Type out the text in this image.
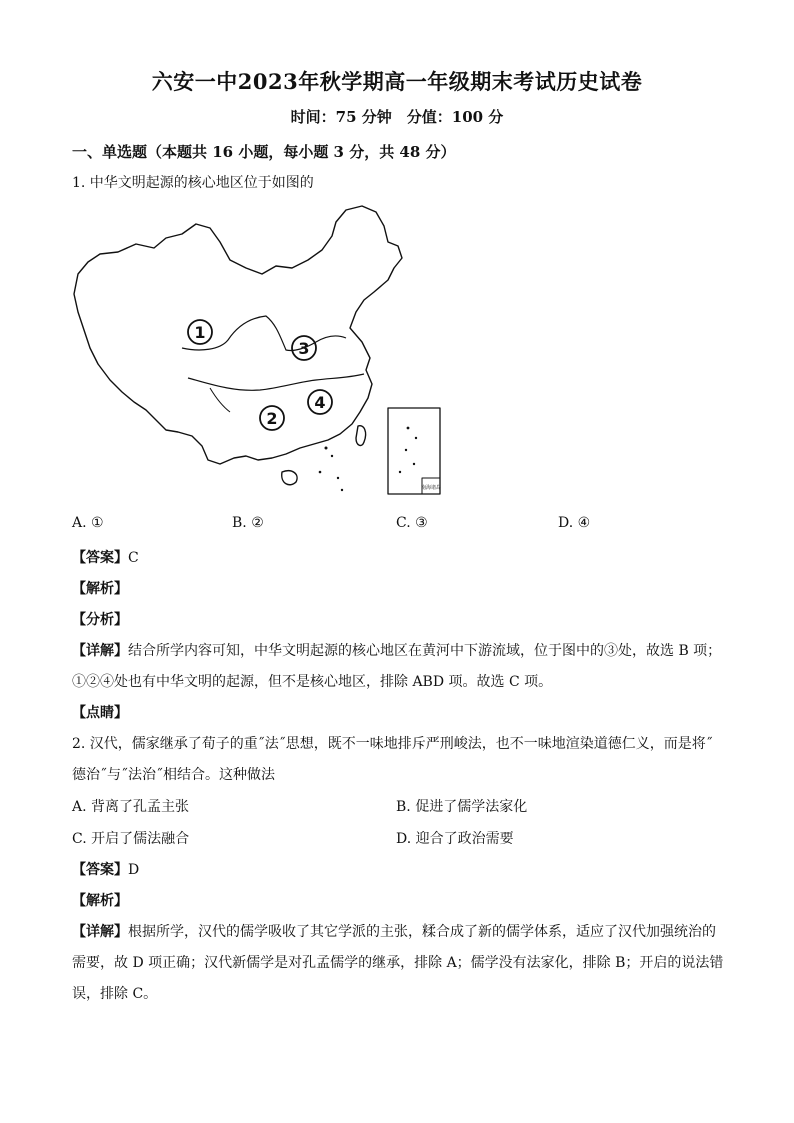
六安一中2023年秋学期高一年级期末考试历史试卷
时间：75 分钟　分值：100 分
一、单选题（本题共 16 小题，每小题 3 分，共 48 分）
1. 中华文明起源的核心地区位于如图的
1
2
3
4
南海诸岛
A. ①	B. ②	C. ③	D. ④
【答案】C
【解析】
【分析】
【详解】结合所学内容可知，中华文明起源的核心地区在黄河中下游流域，位于图中的③处，故选 B 项；
①②④处也有中华文明的起源，但不是核心地区，排除 ABD 项。故选 C 项。
【点睛】
2. 汉代，儒家继承了荀子的重˝法˝思想，既不一味地排斥严刑峻法，也不一味地渲染道德仁义，而是将˝
德治˝与˝法治˝相结合。这种做法
A. 背离了孔孟主张	B. 促进了儒学法家化
C. 开启了儒法融合	D. 迎合了政治需要
【答案】D
【解析】
【详解】根据所学，汉代的儒学吸收了其它学派的主张，糅合成了新的儒学体系，适应了汉代加强统治的
需要，故 D 项正确；汉代新儒学是对孔孟儒学的继承，排除 A；儒学没有法家化，排除 B；开启的说法错
误，排除 C。
